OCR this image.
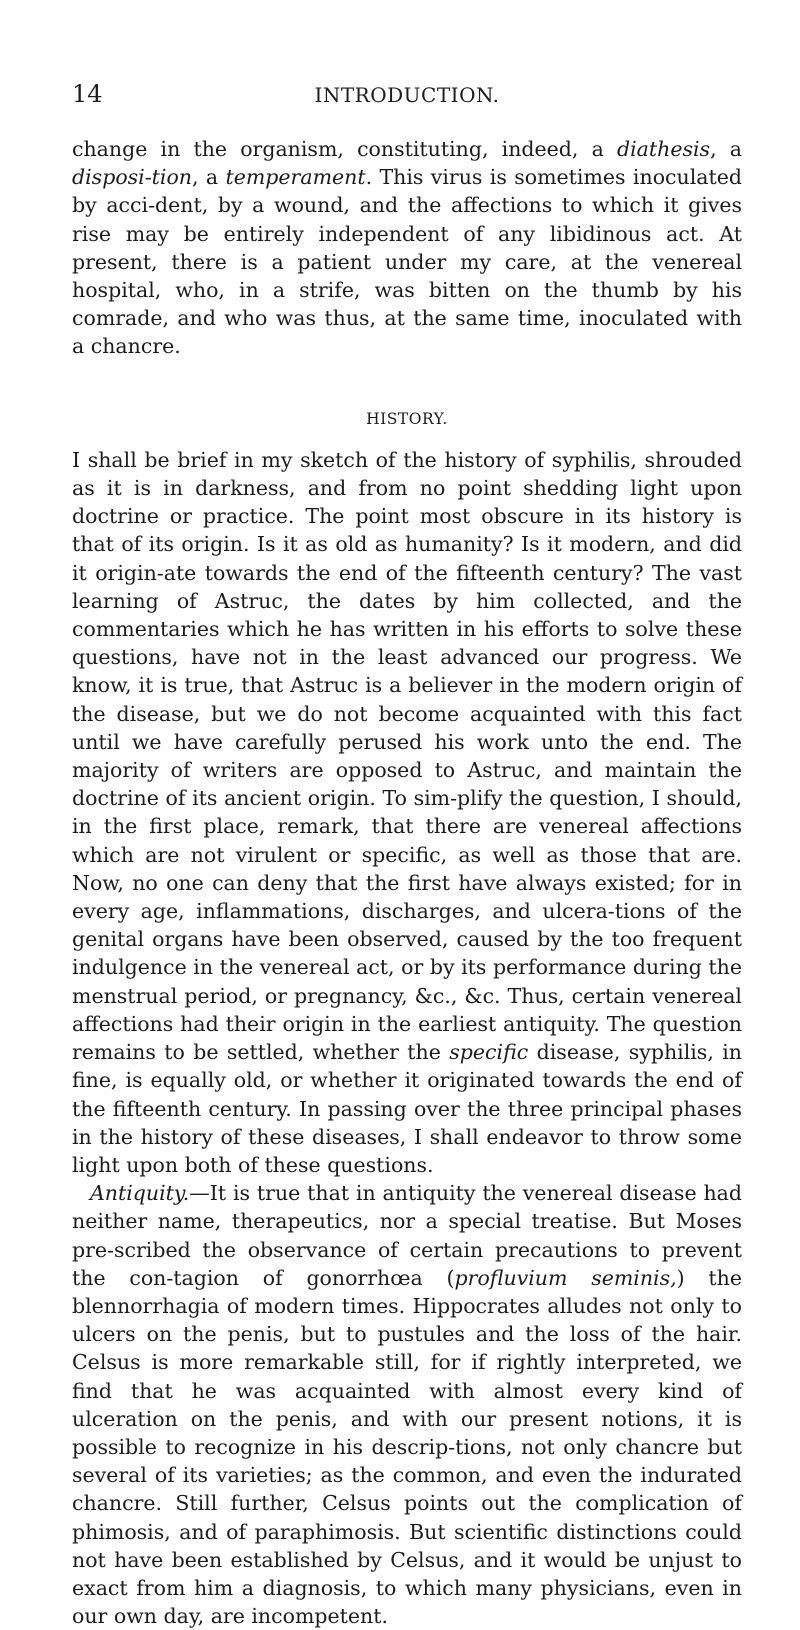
14	INTRODUCTION.

change in the organism, constituting, indeed, a diathesis, a disposi-tion, a temperament. This virus is sometimes inoculated by acci-dent, by a wound, and the affections to which it gives rise may be entirely independent of any libidinous act. At present, there is a patient under my care, at the venereal hospital, who, in a strife, was bitten on the thumb by his comrade, and who was thus, at the same time, inoculated with a chancre.

HISTORY.

I shall be brief in my sketch of the history of syphilis, shrouded as it is in darkness, and from no point shedding light upon doctrine or practice. The point most obscure in its history is that of its origin. Is it as old as humanity? Is it modern, and did it origin-ate towards the end of the fifteenth century? The vast learning of Astruc, the dates by him collected, and the commentaries which he has written in his efforts to solve these questions, have not in the least advanced our progress. We know, it is true, that Astruc is a believer in the modern origin of the disease, but we do not become acquainted with this fact until we have carefully perused his work unto the end. The majority of writers are opposed to Astruc, and maintain the doctrine of its ancient origin. To sim-plify the question, I should, in the first place, remark, that there are venereal affections which are not virulent or specific, as well as those that are. Now, no one can deny that the first have always existed; for in every age, inflammations, discharges, and ulcera-tions of the genital organs have been observed, caused by the too frequent indulgence in the venereal act, or by its performance during the menstrual period, or pregnancy, &c., &c. Thus, certain venereal affections had their origin in the earliest antiquity. The question remains to be settled, whether the specific disease, syphilis, in fine, is equally old, or whether it originated towards the end of the fifteenth century. In passing over the three principal phases in the history of these diseases, I shall endeavor to throw some light upon both of these questions.

Antiquity.—It is true that in antiquity the venereal disease had neither name, therapeutics, nor a special treatise. But Moses pre-scribed the observance of certain precautions to prevent the con-tagion of gonorrhœa (profluvium seminis,) the blennorrhagia of modern times. Hippocrates alludes not only to ulcers on the penis, but to pustules and the loss of the hair. Celsus is more remarkable still, for if rightly interpreted, we find that he was acquainted with almost every kind of ulceration on the penis, and with our present notions, it is possible to recognize in his descrip-tions, not only chancre but several of its varieties; as the common, and even the indurated chancre. Still further, Celsus points out the complication of phimosis, and of paraphimosis. But scientific distinctions could not have been established by Celsus, and it would be unjust to exact from him a diagnosis, to which many physicians, even in our own day, are incompetent.
